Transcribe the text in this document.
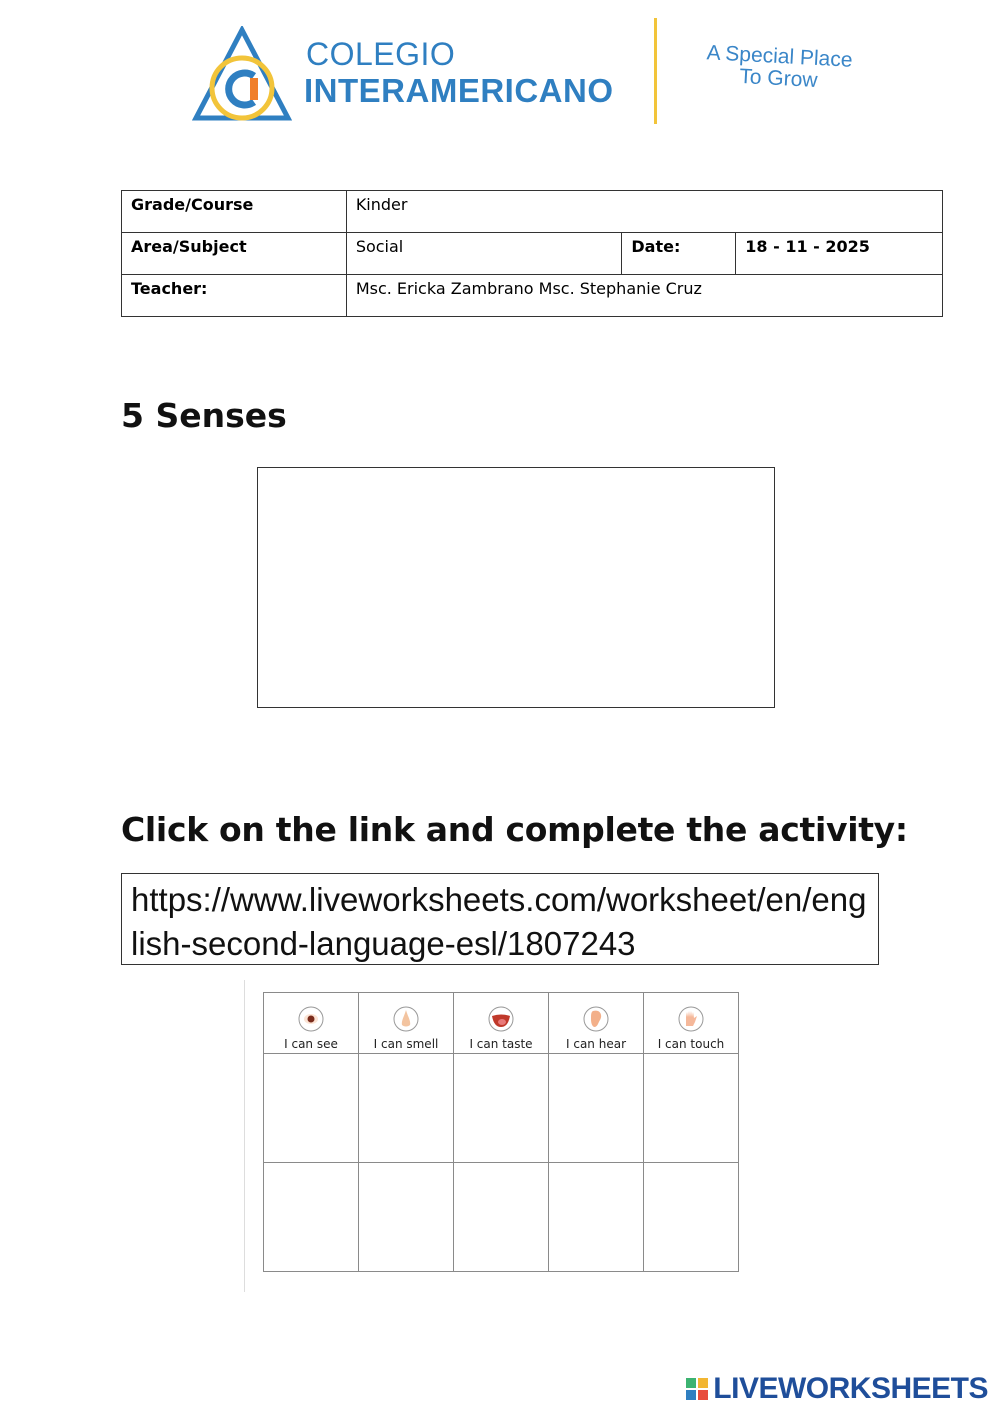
COLEGIO
INTERAMERICANO
A Special Place
To Grow
Grade/Course	Kinder		
Area/Subject	Social	Date:	18 - 11 - 2025
Teacher:	Msc. Ericka Zambrano Msc. Stephanie Cruz		
5 Senses
Click on the link and complete the activity:
https://www.liveworksheets.com/worksheet/en/english-second-language-esl/1807243
I can see	I can smell	I can taste	I can hear	I can touch

LIVEWORKSHEETS
